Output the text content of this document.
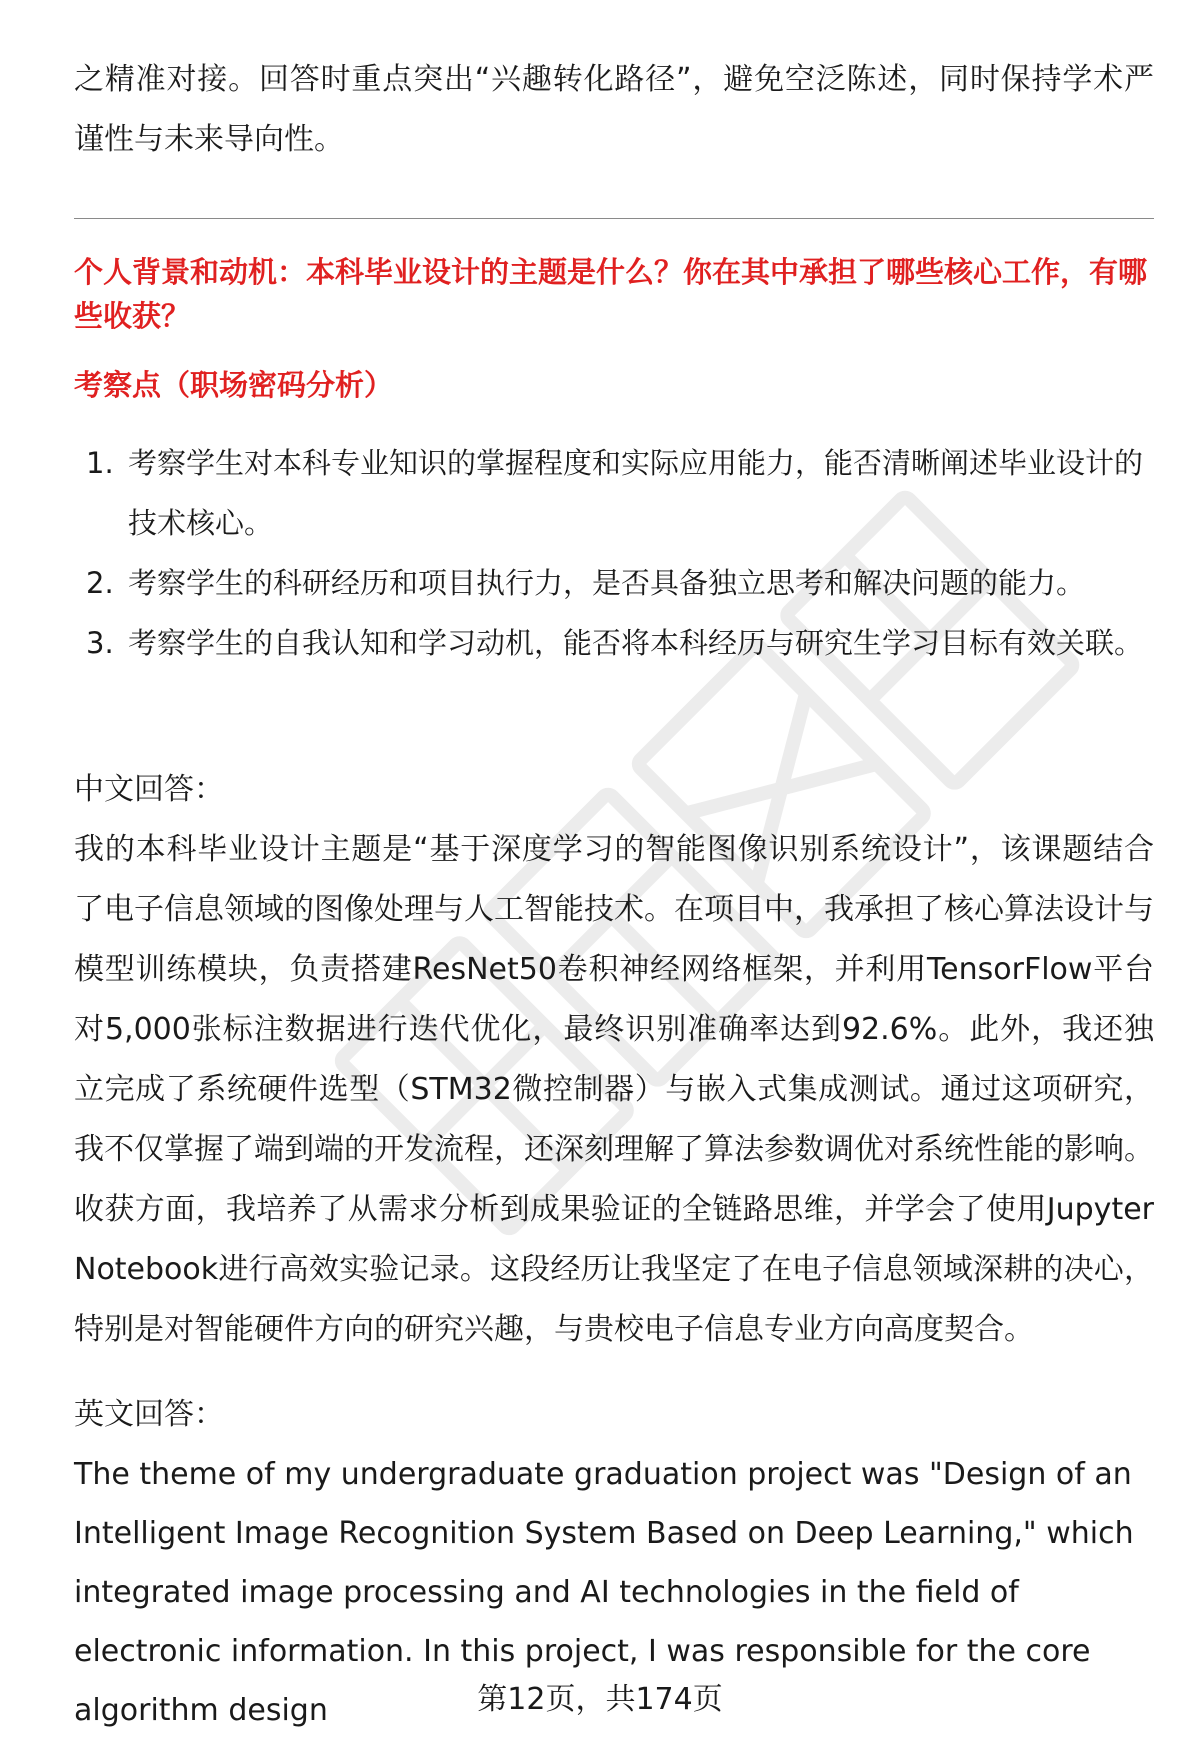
之精准对接。回答时重点突出“兴趣转化路径”，避免空泛陈述，同时保持学术严谨性与未来导向性。

个人背景和动机：本科毕业设计的主题是什么？你在其中承担了哪些核心工作，有哪些收获？

考察点（职场密码分析）

1. 考察学生对本科专业知识的掌握程度和实际应用能力，能否清晰阐述毕业设计的技术核心。
2. 考察学生的科研经历和项目执行力，是否具备独立思考和解决问题的能力。
3. 考察学生的自我认知和学习动机，能否将本科经历与研究生学习目标有效关联。

中文回答：

我的本科毕业设计主题是“基于深度学习的智能图像识别系统设计”，该课题结合了电子信息领域的图像处理与人工智能技术。在项目中，我承担了核心算法设计与模型训练模块，负责搭建ResNet50卷积神经网络框架，并利用TensorFlow平台对5,000张标注数据进行迭代优化，最终识别准确率达到92.6%。此外，我还独立完成了系统硬件选型（STM32微控制器）与嵌入式集成测试。通过这项研究，我不仅掌握了端到端的开发流程，还深刻理解了算法参数调优对系统性能的影响。收获方面，我培养了从需求分析到成果验证的全链路思维，并学会了使用Jupyter Notebook进行高效实验记录。这段经历让我坚定了在电子信息领域深耕的决心，特别是对智能硬件方向的研究兴趣，与贵校电子信息专业方向高度契合。

英文回答：

The theme of my undergraduate graduation project was "Design of an Intelligent Image Recognition System Based on Deep Learning," which integrated image processing and AI technologies in the field of electronic information. In this project, I was responsible for the core algorithm design	第12页，共174页
